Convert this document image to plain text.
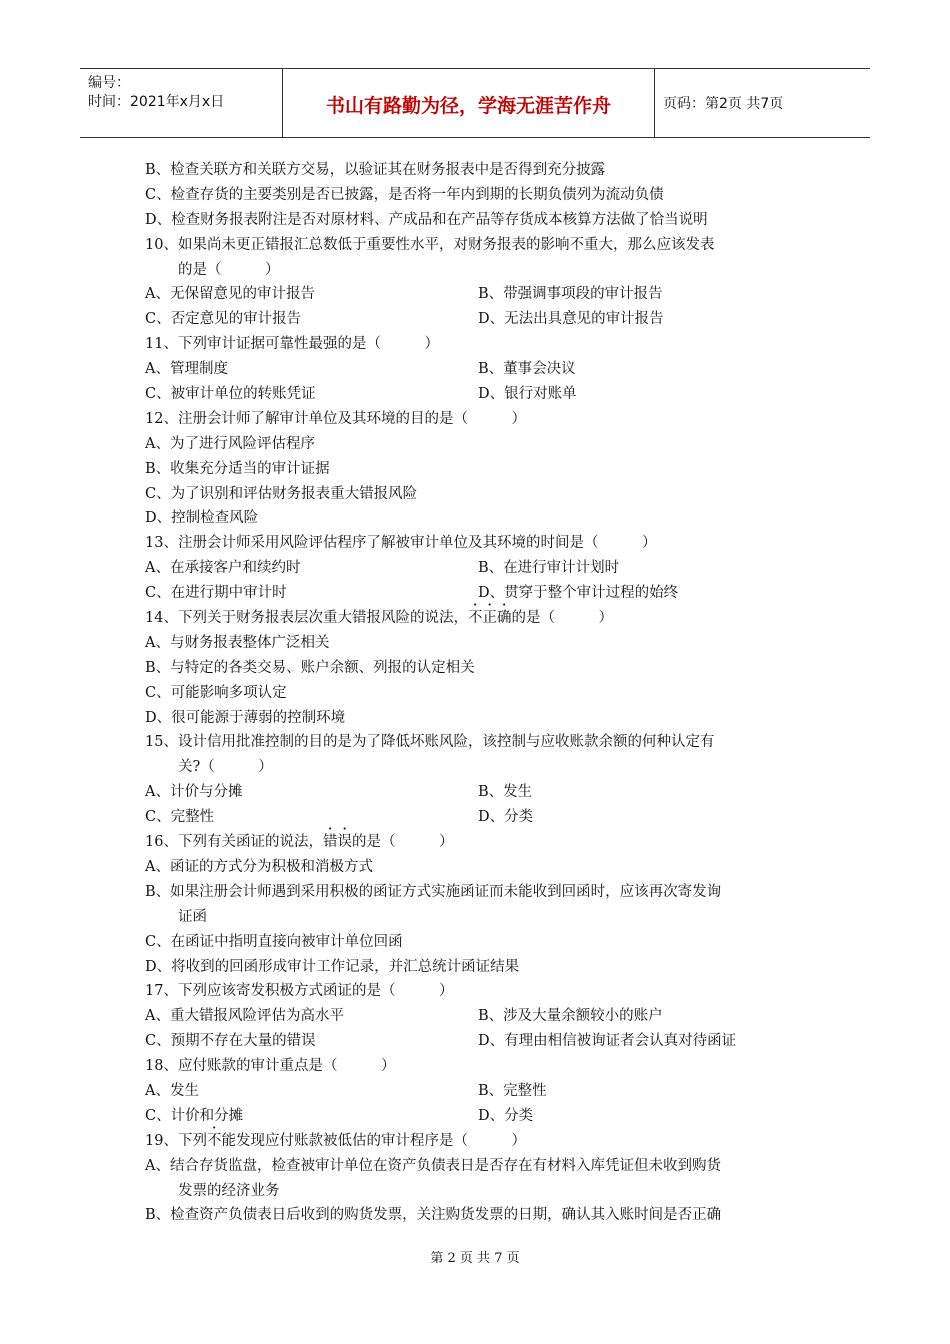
编号：
时间：2021年x月x日	书山有路勤为径，学海无涯苦作舟	页码：第2页 共7页
B、检查关联方和关联方交易，以验证其在财务报表中是否得到充分披露
C、检查存货的主要类别是否已披露，是否将一年内到期的长期负债列为流动负债
D、检查财务报表附注是否对原材料、产成品和在产品等存货成本核算方法做了恰当说明
10、如果尚未更正错报汇总数低于重要性水平，对财务报表的影响不重大，那么应该发表
的是（　　　）
A、无保留意见的审计报告	B、带强调事项段的审计报告
C、否定意见的审计报告	D、无法出具意见的审计报告
11、下列审计证据可靠性最强的是（　　　）
A、管理制度	B、董事会决议
C、被审计单位的转账凭证	D、银行对账单
12、注册会计师了解审计单位及其环境的目的是（　　　）
A、为了进行风险评估程序
B、收集充分适当的审计证据
C、为了识别和评估财务报表重大错报风险
D、控制检查风险
13、注册会计师采用风险评估程序了解被审计单位及其环境的时间是（　　　）
A、在承接客户和续约时	B、在进行审计计划时
C、在进行期中审计时	D、贯穿于整个审计过程的始终
14、下列关于财务报表层次重大错报风险的说法，不正确的是（　　　）
A、与财务报表整体广泛相关
B、与特定的各类交易、账户余额、列报的认定相关
C、可能影响多项认定
D、很可能源于薄弱的控制环境
15、设计信用批准控制的目的是为了降低坏账风险，该控制与应收账款余额的何种认定有
关?（　　　）
A、计价与分摊	B、发生
C、完整性	D、分类
16、下列有关函证的说法，错误的是（　　　）
A、函证的方式分为积极和消极方式
B、如果注册会计师遇到采用积极的函证方式实施函证而未能收到回函时，应该再次寄发询
证函
C、在函证中指明直接向被审计单位回函
D、将收到的回函形成审计工作记录，并汇总统计函证结果
17、下列应该寄发积极方式函证的是（　　　）
A、重大错报风险评估为高水平	B、涉及大量余额较小的账户
C、预期不存在大量的错误	D、有理由相信被询证者会认真对待函证
18、应付账款的审计重点是（　　　）
A、发生	B、完整性
C、计价和分摊	D、分类
19、下列不能发现应付账款被低估的审计程序是（　　　）
A、结合存货监盘，检查被审计单位在资产负债表日是否存在有材料入库凭证但未收到购货
发票的经济业务
B、检查资产负债表日后收到的购货发票，关注购货发票的日期，确认其入账时间是否正确
第 2 页 共 7 页
